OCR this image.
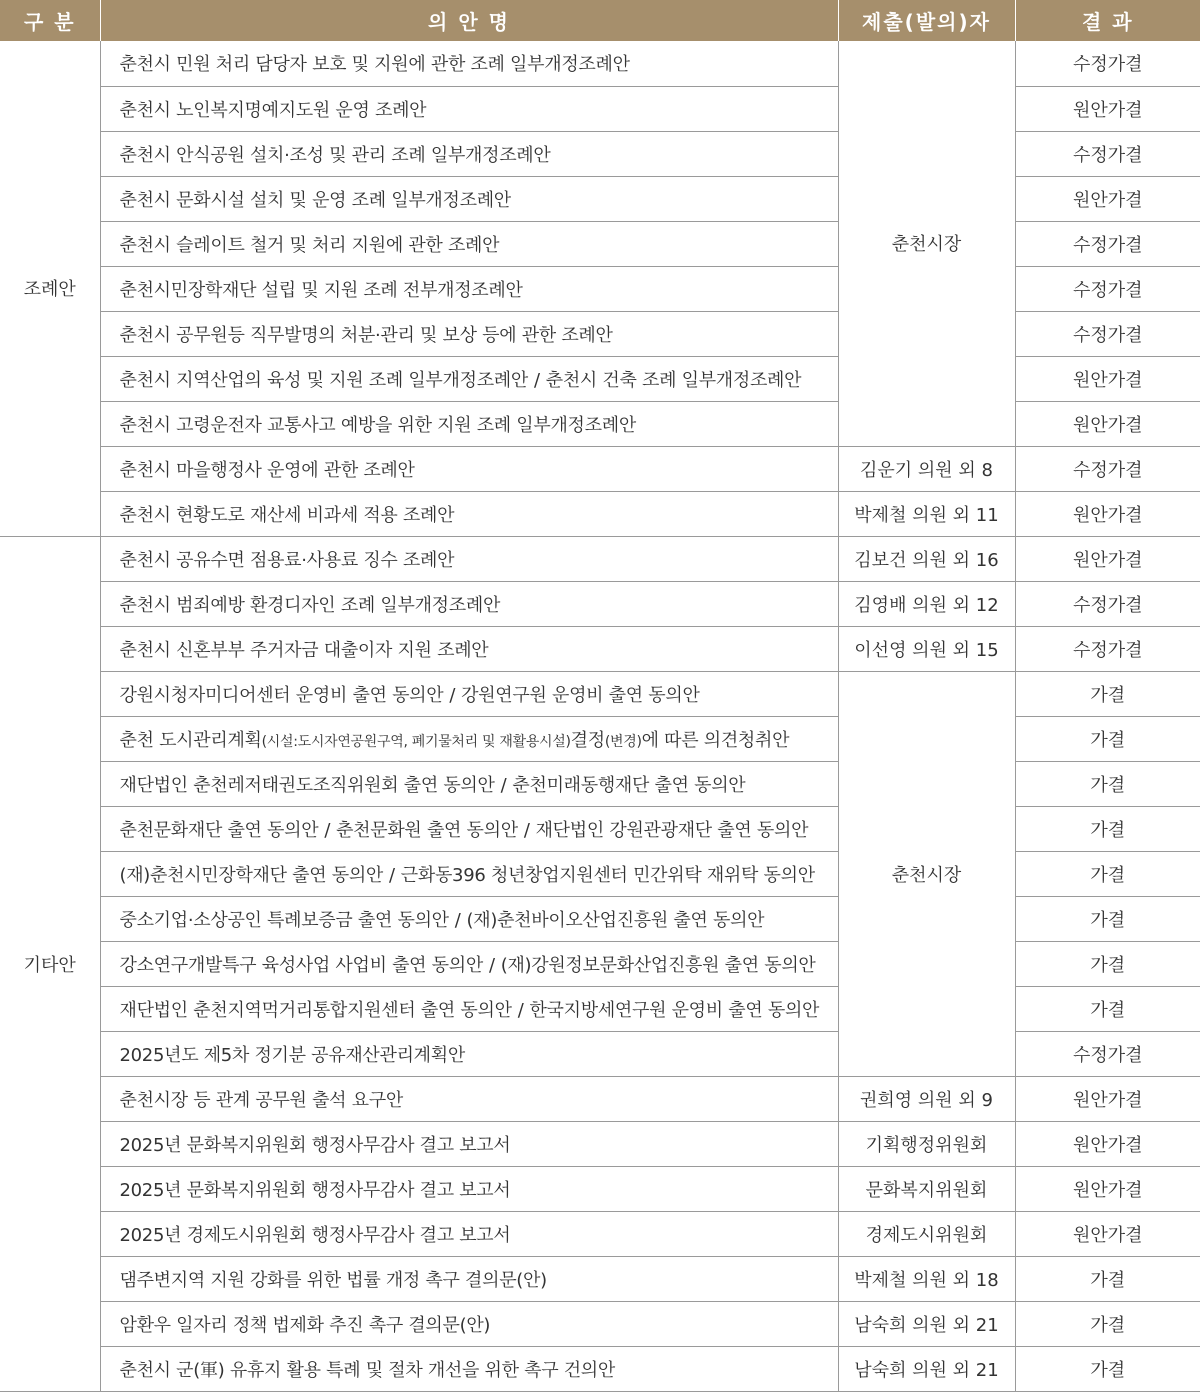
구 분	의 안 명	제출(발의)자	결 과
조례안	춘천시 민원 처리 담당자 보호 및 지원에 관한 조례 일부개정조례안	춘천시장	수정가결
	춘천시 노인복지명예지도원 운영 조례안		원안가결
	춘천시 안식공원 설치·조성 및 관리 조례 일부개정조례안		수정가결
	춘천시 문화시설 설치 및 운영 조례 일부개정조례안		원안가결
	춘천시 슬레이트 철거 및 처리 지원에 관한 조례안		수정가결
	춘천시민장학재단 설립 및 지원 조례 전부개정조례안		수정가결
	춘천시 공무원등 직무발명의 처분·관리 및 보상 등에 관한 조례안		수정가결
	춘천시 지역산업의 육성 및 지원 조례 일부개정조례안 / 춘천시 건축 조례 일부개정조례안		원안가결
	춘천시 고령운전자 교통사고 예방을 위한 지원 조례 일부개정조례안		원안가결
	춘천시 마을행정사 운영에 관한 조례안	김운기 의원 외 8	수정가결
	춘천시 현황도로 재산세 비과세 적용 조례안	박제철 의원 외 11	원안가결
기타안	춘천시 공유수면 점용료·사용료 징수 조례안	김보건 의원 외 16	원안가결
	춘천시 범죄예방 환경디자인 조례 일부개정조례안	김영배 의원 외 12	수정가결
	춘천시 신혼부부 주거자금 대출이자 지원 조례안	이선영 의원 외 15	수정가결
	강원시청자미디어센터 운영비 출연 동의안 / 강원연구원 운영비 출연 동의안	춘천시장	가결
	춘천 도시관리계획(시설:도시자연공원구역, 폐기물처리 및 재활용시설)결정(변경)에 따른 의견청취안		가결
	재단법인 춘천레저태권도조직위원회 출연 동의안 / 춘천미래동행재단 출연 동의안		가결
	춘천문화재단 출연 동의안 / 춘천문화원 출연 동의안 / 재단법인 강원관광재단 출연 동의안		가결
	(재)춘천시민장학재단 출연 동의안 / 근화동396 청년창업지원센터 민간위탁 재위탁 동의안		가결
	중소기업·소상공인 특례보증금 출연 동의안 / (재)춘천바이오산업진흥원 출연 동의안		가결
	강소연구개발특구 육성사업 사업비 출연 동의안 / (재)강원정보문화산업진흥원 출연 동의안		가결
	재단법인 춘천지역먹거리통합지원센터 출연 동의안 / 한국지방세연구원 운영비 출연 동의안		가결
	2025년도 제5차 정기분 공유재산관리계획안		수정가결
	춘천시장 등 관계 공무원 출석 요구안	권희영 의원 외 9	원안가결
	2025년 문화복지위원회 행정사무감사 결고 보고서	기획행정위원회	원안가결
	2025년 문화복지위원회 행정사무감사 결고 보고서	문화복지위원회	원안가결
	2025년 경제도시위원회 행정사무감사 결고 보고서	경제도시위원회	원안가결
	댐주변지역 지원 강화를 위한 법률 개정 촉구 결의문(안)	박제철 의원 외 18	가결
	암환우 일자리 정책 법제화 추진 촉구 결의문(안)	남숙희 의원 외 21	가결
	춘천시 군(軍) 유휴지 활용 특례 및 절차 개선을 위한 촉구 건의안	남숙희 의원 외 21	가결
